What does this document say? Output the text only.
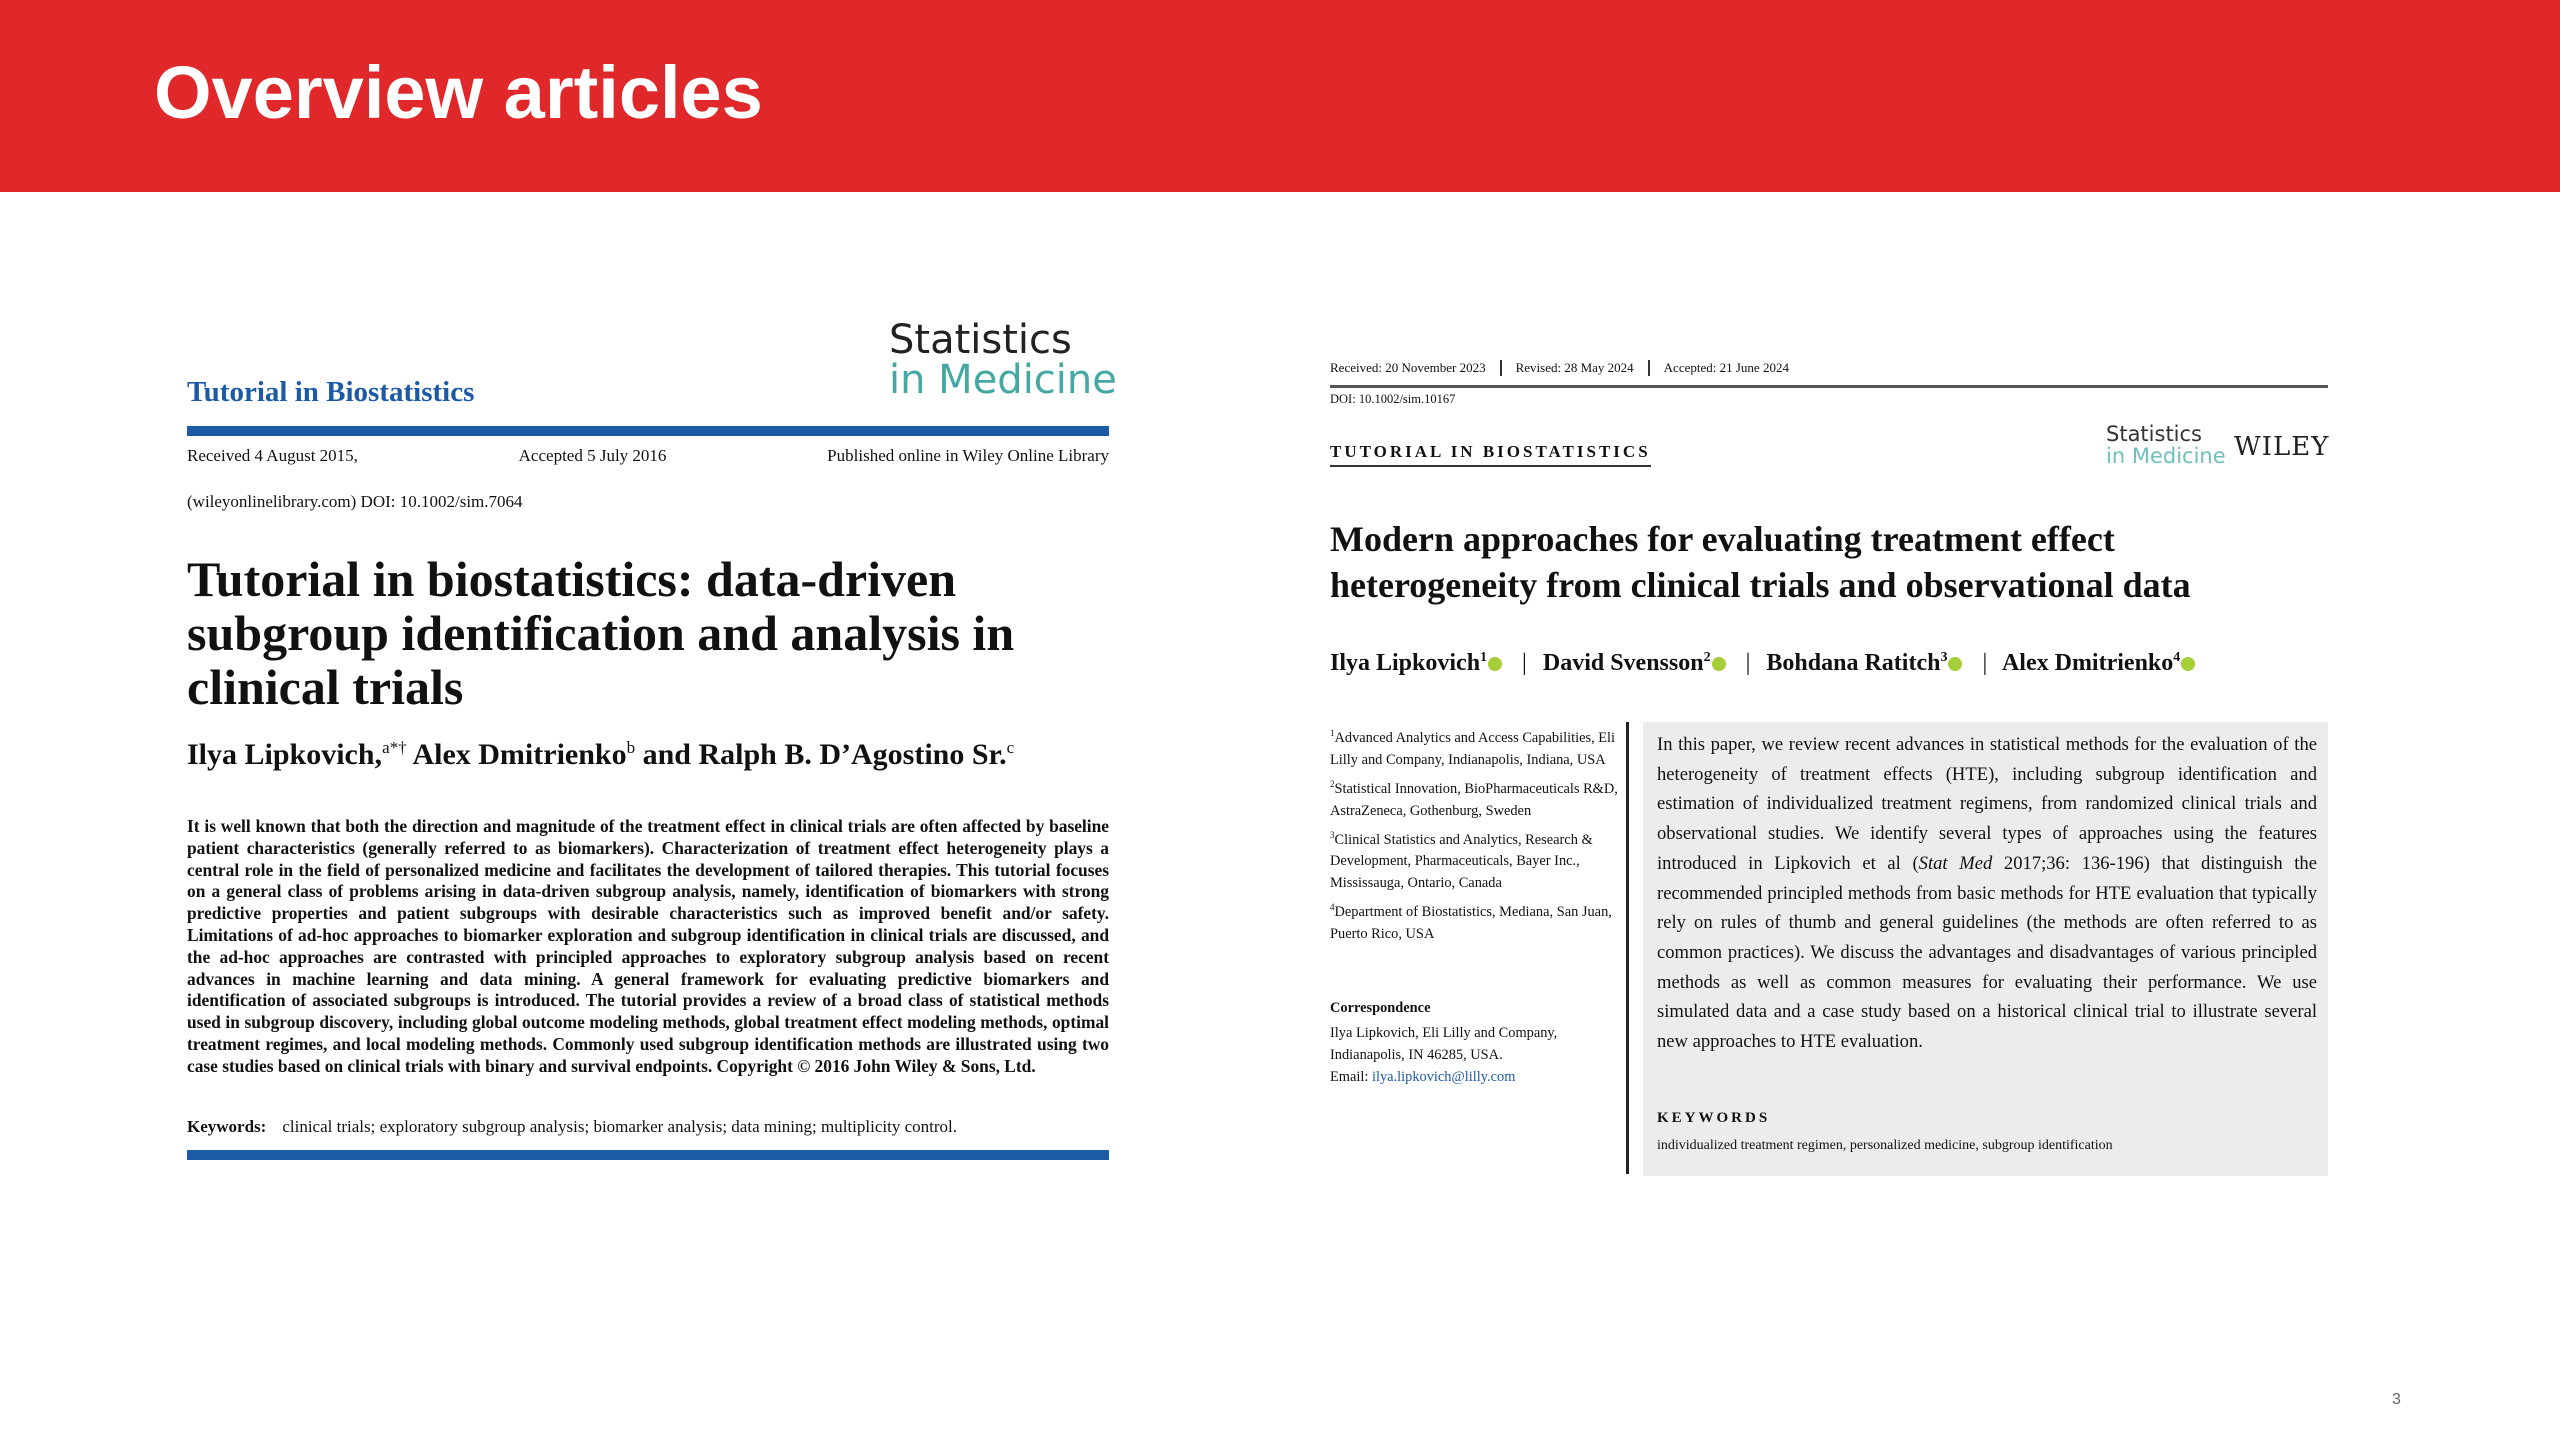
Overview articles
Tutorial in Biostatistics
Statistics
in Medicine
Received 4 August 2015,	Accepted 5 July 2016	Published online in Wiley Online Library
(wileyonlinelibrary.com) DOI: 10.1002/sim.7064
Tutorial in biostatistics: data-driven subgroup identification and analysis in clinical trials
Ilya Lipkovich,$^{a*\dagger}$ Alex Dmitrienko$^b$ and Ralph B. D’Agostino Sr.$^c$
It is well known that both the direction and magnitude of the treatment effect in clinical trials are often affected by baseline patient characteristics (generally referred to as biomarkers). Characterization of treatment effect heterogeneity plays a central role in the field of personalized medicine and facilitates the development of tailored therapies. This tutorial focuses on a general class of problems arising in data-driven subgroup analysis, namely, identification of biomarkers with strong predictive properties and patient subgroups with desirable characteristics such as improved benefit and/or safety. Limitations of ad-hoc approaches to biomarker exploration and subgroup identification in clinical trials are discussed, and the ad-hoc approaches are contrasted with principled approaches to exploratory subgroup analysis based on recent advances in machine learning and data mining. A general framework for evaluating predictive biomarkers and identification of associated subgroups is introduced. The tutorial provides a review of a broad class of statistical methods used in subgroup discovery, including global outcome modeling methods, global treatment effect modeling methods, optimal treatment regimes, and local modeling methods. Commonly used subgroup identification methods are illustrated using two case studies based on clinical trials with binary and survival endpoints. Copyright © 2016 John Wiley & Sons, Ltd.
Keywords: clinical trials; exploratory subgroup analysis; biomarker analysis; data mining; multiplicity control.
Received: 20 November 2023	Revised: 28 May 2024	Accepted: 21 June 2024
DOI: 10.1002/sim.10167
TUTORIAL IN BIOSTATISTICS
Statistics
in Medicine WILEY
Modern approaches for evaluating treatment effect heterogeneity from clinical trials and observational data
Ilya Lipkovich$^1$ | David Svensson$^2$ | Bohdana Ratitch$^3$ | Alex Dmitrienko$^4$

$^1$Advanced Analytics and Access Capabilities, Eli Lilly and Company, Indianapolis, Indiana, USA

$^2$Statistical Innovation, BioPharmaceuticals R&D, AstraZeneca, Gothenburg, Sweden

$^3$Clinical Statistics and Analytics, Research & Development, Pharmaceuticals, Bayer Inc., Mississauga, Ontario, Canada

$^4$Department of Biostatistics, Mediana, San Juan, Puerto Rico, USA

Correspondence
Ilya Lipkovich, Eli Lilly and Company, Indianapolis, IN 46285, USA.
Email: ilya.lipkovich@lilly.com
In this paper, we review recent advances in statistical methods for the evaluation of the heterogeneity of treatment effects (HTE), including subgroup identification and estimation of individualized treatment regimens, from randomized clinical trials and observational studies. We identify several types of approaches using the features introduced in Lipkovich et al (Stat Med 2017;36: 136-196) that distinguish the recommended principled methods from basic methods for HTE evaluation that typically rely on rules of thumb and general guidelines (the methods are often referred to as common practices). We discuss the advantages and disadvantages of various principled methods as well as common measures for evaluating their performance. We use simulated data and a case study based on a historical clinical trial to illustrate several new approaches to HTE evaluation.
KEYWORDS
individualized treatment regimen, personalized medicine, subgroup identification
3
